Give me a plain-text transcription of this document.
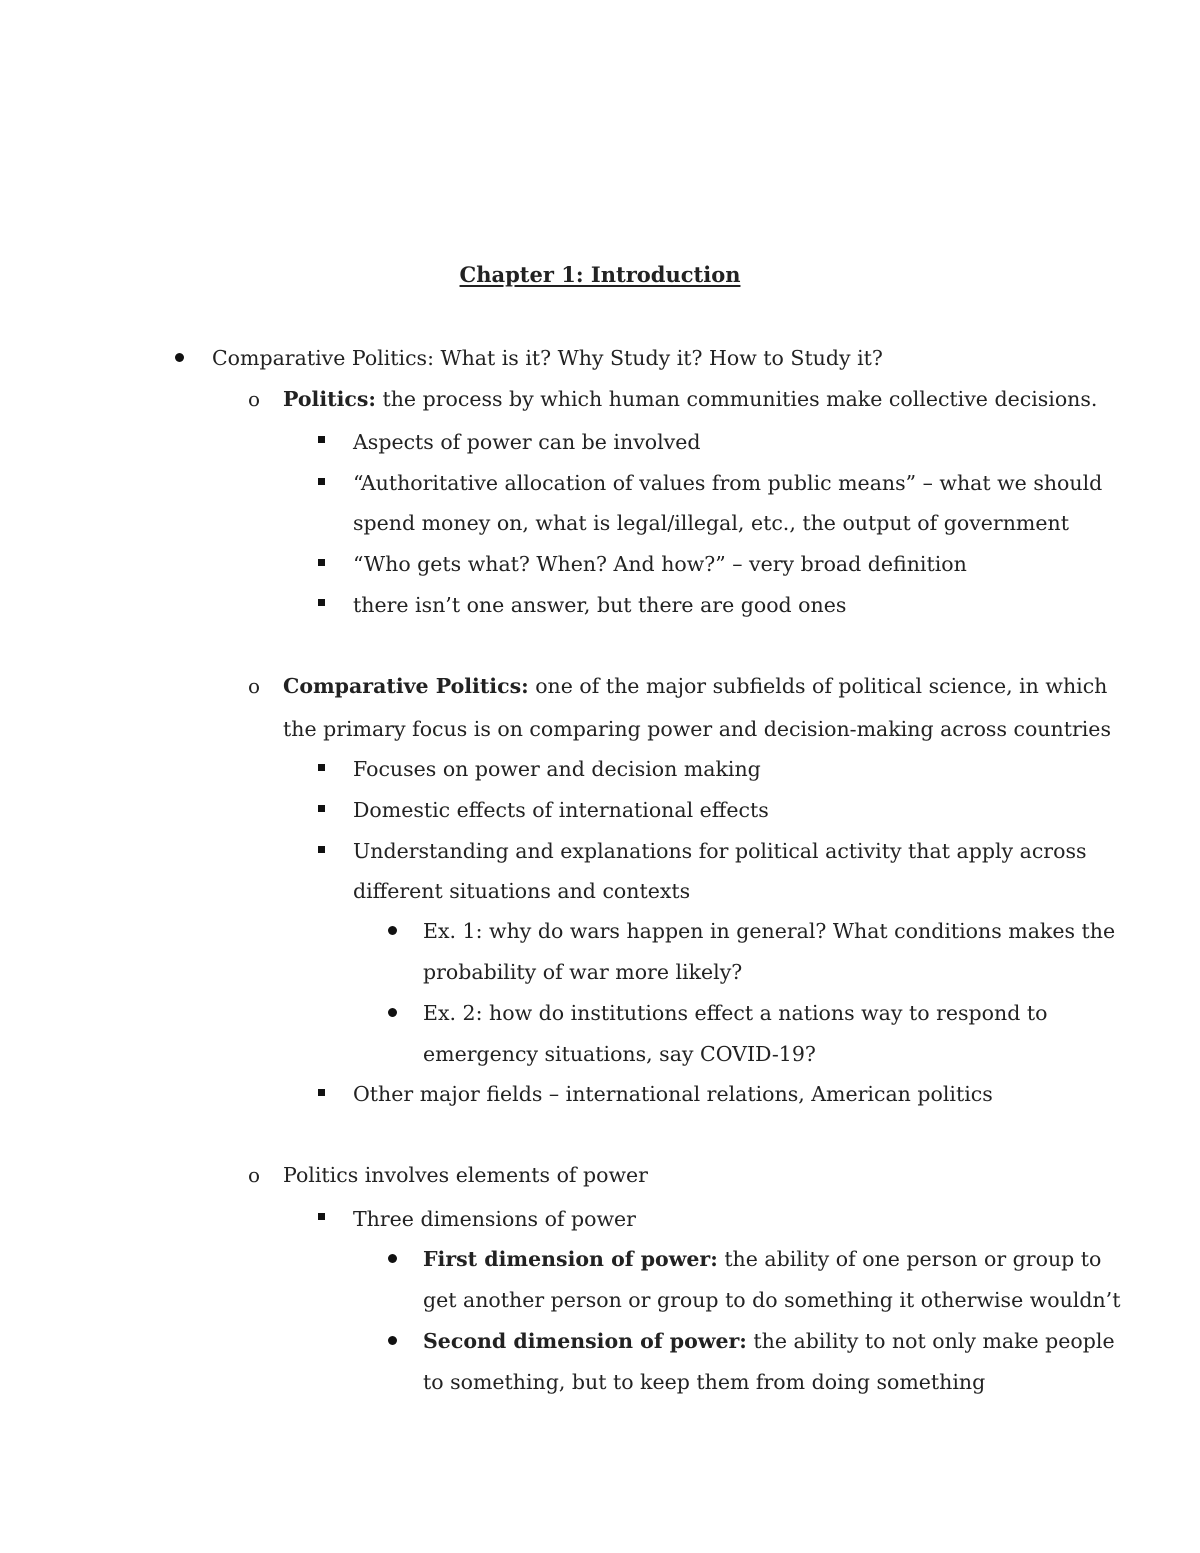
Chapter 1: Introduction
Comparative Politics: What is it? Why Study it? How to Study it?
o Politics: the process by which human communities make collective decisions.
Aspects of power can be involved
“Authoritative allocation of values from public means” – what we should
spend money on, what is legal/illegal, etc., the output of government
“Who gets what? When? And how?” – very broad definition
there isn’t one answer, but there are good ones
o Comparative Politics: one of the major subfields of political science, in which
the primary focus is on comparing power and decision-making across countries
Focuses on power and decision making
Domestic effects of international effects
Understanding and explanations for political activity that apply across
different situations and contexts
Ex. 1: why do wars happen in general? What conditions makes the
probability of war more likely?
Ex. 2: how do institutions effect a nations way to respond to
emergency situations, say COVID-19?
Other major fields – international relations, American politics
o Politics involves elements of power
Three dimensions of power
First dimension of power: the ability of one person or group to
get another person or group to do something it otherwise wouldn’t
Second dimension of power: the ability to not only make people
to something, but to keep them from doing something
